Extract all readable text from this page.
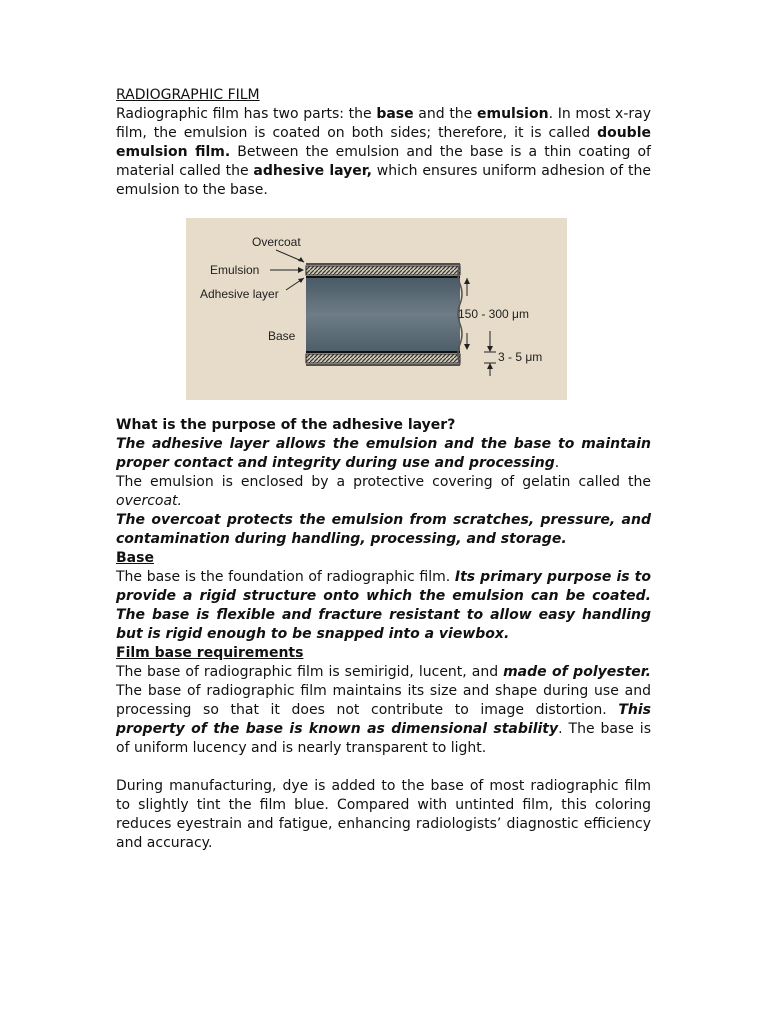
RADIOGRAPHIC FILM

Radiographic film has two parts: the base and the emulsion. In most x-ray film, the emulsion is coated on both sides; therefore, it is called double emulsion film. Between the emulsion and the base is a thin coating of material called the adhesive layer, which ensures uniform adhesion of the emulsion to the base.

Overcoat
Emulsion
Adhesive layer
Base
150 - 300 μm
3 - 5 μm

What is the purpose of the adhesive layer?

The adhesive layer allows the emulsion and the base to maintain proper contact and integrity during use and processing.

The emulsion is enclosed by a protective covering of gelatin called the overcoat.
The overcoat protects the emulsion from scratches, pressure, and contamination during handling, processing, and storage.

Base

The base is the foundation of radiographic film. Its primary purpose is to provide a rigid structure onto which the emulsion can be coated. The base is flexible and fracture resistant to allow easy handling but is rigid enough to be snapped into a viewbox.

Film base requirements

The base of radiographic film is semirigid, lucent, and made of polyester. The base of radiographic film maintains its size and shape during use and processing so that it does not contribute to image distortion. This property of the base is known as dimensional stability. The base is of uniform lucency and is nearly transparent to light.

During manufacturing, dye is added to the base of most radiographic film to slightly tint the film blue. Compared with untinted film, this coloring reduces eyestrain and fatigue, enhancing radiologists’ diagnostic efficiency and accuracy.
